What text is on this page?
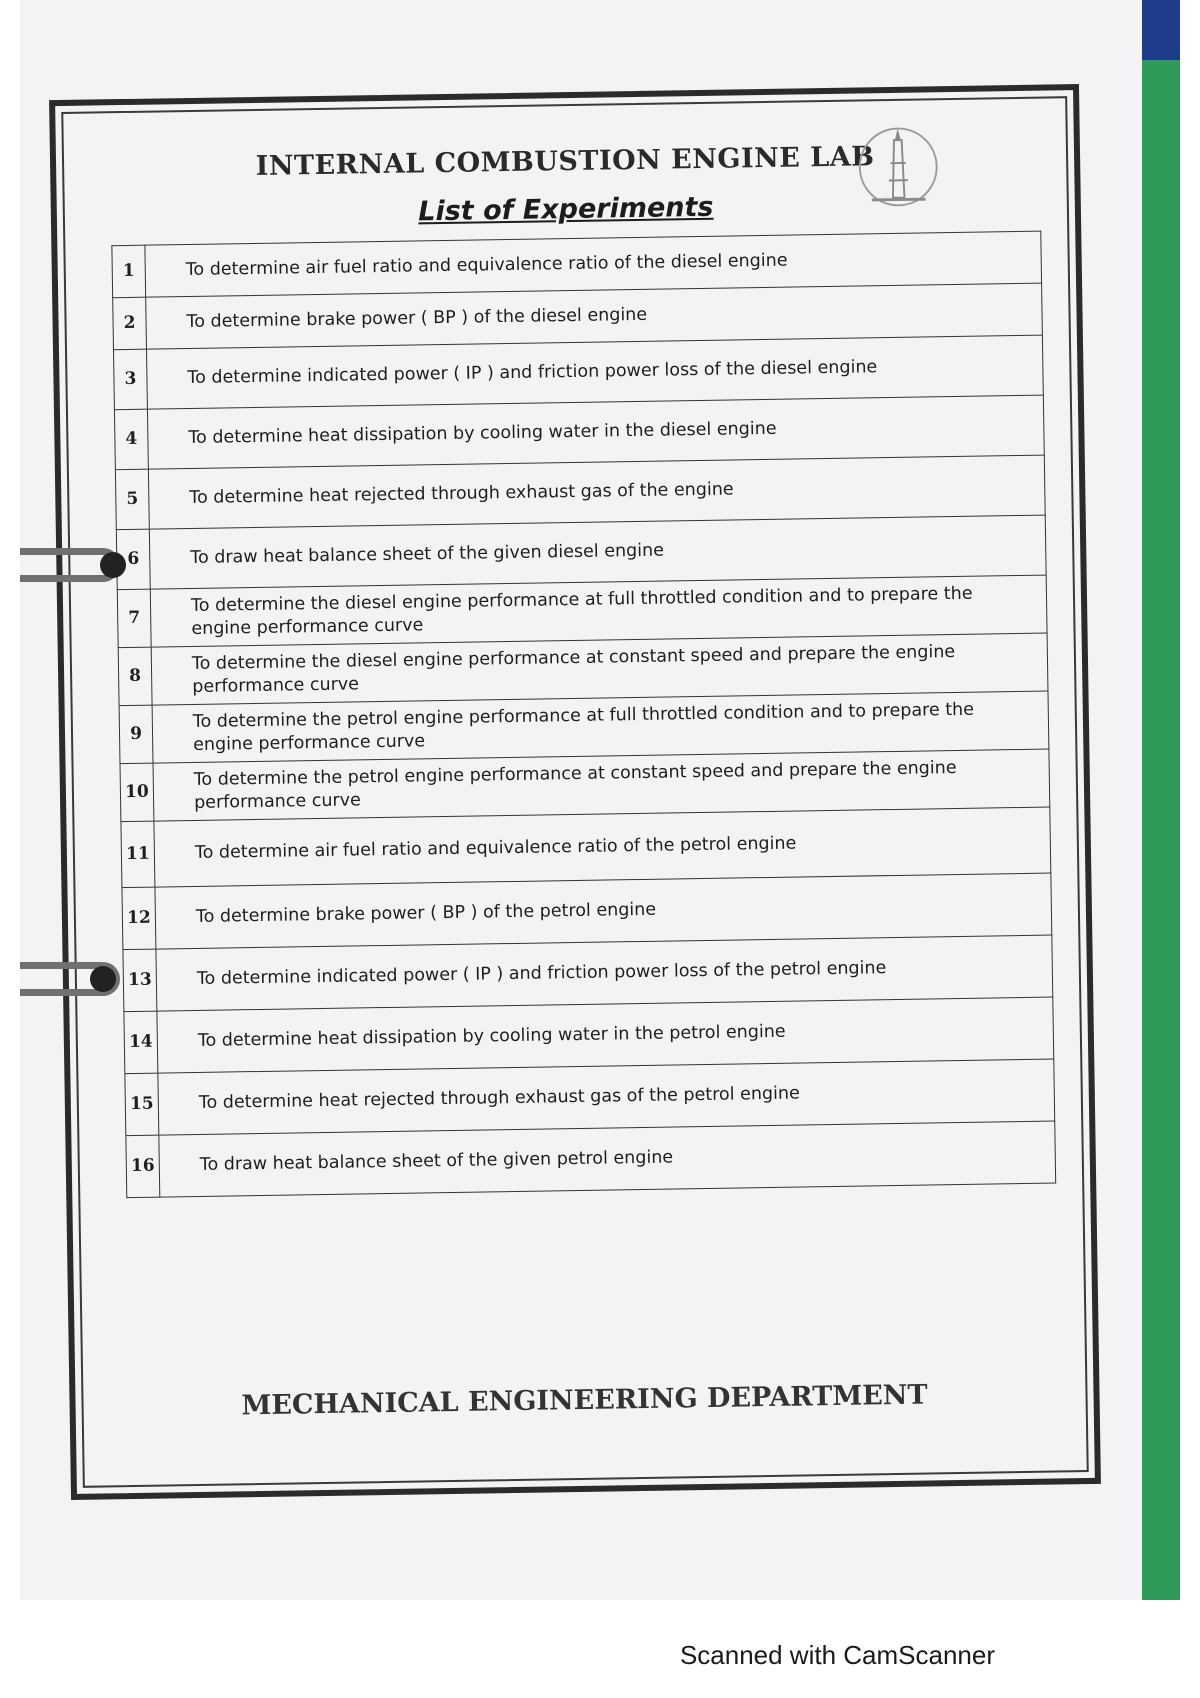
INTERNAL COMBUSTION ENGINE LAB
List of Experiments
1	To determine air fuel ratio and equivalence ratio of the diesel engine
2	To determine brake power ( BP ) of the diesel engine
3	To determine indicated power ( IP ) and friction power loss of the diesel engine
4	To determine heat dissipation by cooling water in the diesel engine
5	To determine heat rejected through exhaust gas of the engine
6	To draw heat balance sheet of the given diesel engine
7	To determine the diesel engine performance at full throttled condition and to prepare the engine performance curve
8	To determine the diesel engine performance at constant speed and prepare the engine performance curve
9	To determine the petrol engine performance at full throttled condition and to prepare the engine performance curve
10	To determine the petrol engine performance at constant speed and prepare the engine performance curve
11	To determine air fuel ratio and equivalence ratio of the petrol engine
12	To determine brake power ( BP ) of the petrol engine
13	To determine indicated power ( IP ) and friction power loss of the petrol engine
14	To determine heat dissipation by cooling water in the petrol engine
15	To determine heat rejected through exhaust gas of the petrol engine
16	To draw heat balance sheet of the given petrol engine
MECHANICAL ENGINEERING DEPARTMENT
Scanned with CamScanner
